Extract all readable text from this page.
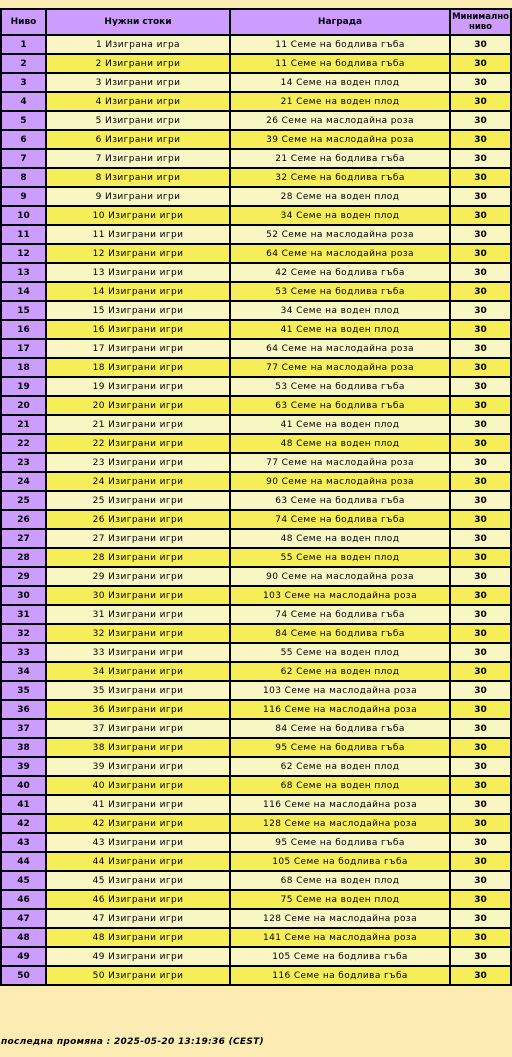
Ниво	Нужни стоки	Награда	Минимално
ниво
1	1 Изиграна игра	11 Семе на бодлива гъба	30
2	2 Изиграни игри	11 Семе на бодлива гъба	30
3	3 Изиграни игри	14 Семе на воден плод	30
4	4 Изиграни игри	21 Семе на воден плод	30
5	5 Изиграни игри	26 Семе на маслодайна роза	30
6	6 Изиграни игри	39 Семе на маслодайна роза	30
7	7 Изиграни игри	21 Семе на бодлива гъба	30
8	8 Изиграни игри	32 Семе на бодлива гъба	30
9	9 Изиграни игри	28 Семе на воден плод	30
10	10 Изиграни игри	34 Семе на воден плод	30
11	11 Изиграни игри	52 Семе на маслодайна роза	30
12	12 Изиграни игри	64 Семе на маслодайна роза	30
13	13 Изиграни игри	42 Семе на бодлива гъба	30
14	14 Изиграни игри	53 Семе на бодлива гъба	30
15	15 Изиграни игри	34 Семе на воден плод	30
16	16 Изиграни игри	41 Семе на воден плод	30
17	17 Изиграни игри	64 Семе на маслодайна роза	30
18	18 Изиграни игри	77 Семе на маслодайна роза	30
19	19 Изиграни игри	53 Семе на бодлива гъба	30
20	20 Изиграни игри	63 Семе на бодлива гъба	30
21	21 Изиграни игри	41 Семе на воден плод	30
22	22 Изиграни игри	48 Семе на воден плод	30
23	23 Изиграни игри	77 Семе на маслодайна роза	30
24	24 Изиграни игри	90 Семе на маслодайна роза	30
25	25 Изиграни игри	63 Семе на бодлива гъба	30
26	26 Изиграни игри	74 Семе на бодлива гъба	30
27	27 Изиграни игри	48 Семе на воден плод	30
28	28 Изиграни игри	55 Семе на воден плод	30
29	29 Изиграни игри	90 Семе на маслодайна роза	30
30	30 Изиграни игри	103 Семе на маслодайна роза	30
31	31 Изиграни игри	74 Семе на бодлива гъба	30
32	32 Изиграни игри	84 Семе на бодлива гъба	30
33	33 Изиграни игри	55 Семе на воден плод	30
34	34 Изиграни игри	62 Семе на воден плод	30
35	35 Изиграни игри	103 Семе на маслодайна роза	30
36	36 Изиграни игри	116 Семе на маслодайна роза	30
37	37 Изиграни игри	84 Семе на бодлива гъба	30
38	38 Изиграни игри	95 Семе на бодлива гъба	30
39	39 Изиграни игри	62 Семе на воден плод	30
40	40 Изиграни игри	68 Семе на воден плод	30
41	41 Изиграни игри	116 Семе на маслодайна роза	30
42	42 Изиграни игри	128 Семе на маслодайна роза	30
43	43 Изиграни игри	95 Семе на бодлива гъба	30
44	44 Изиграни игри	105 Семе на бодлива гъба	30
45	45 Изиграни игри	68 Семе на воден плод	30
46	46 Изиграни игри	75 Семе на воден плод	30
47	47 Изиграни игри	128 Семе на маслодайна роза	30
48	48 Изиграни игри	141 Семе на маслодайна роза	30
49	49 Изиграни игри	105 Семе на бодлива гъба	30
50	50 Изиграни игри	116 Семе на бодлива гъба	30
последна промяна : 2025-05-20 13:19:36 (CEST)
